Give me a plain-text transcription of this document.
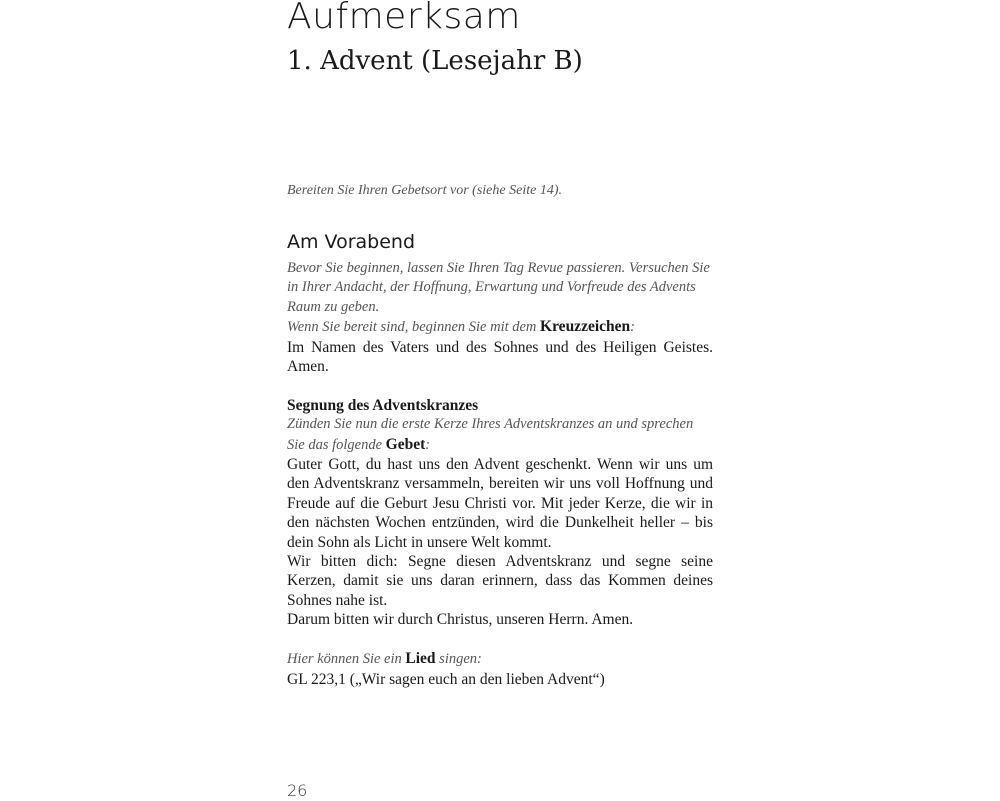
Aufmerksam
1. Advent (Lesejahr B)
Bereiten Sie Ihren Gebetsort vor (siehe Seite 14).
Am Vorabend

Bevor Sie beginnen, lassen Sie Ihren Tag Revue passieren. Versuchen Sie in Ihrer Andacht, der Hoffnung, Erwartung und Vorfreude des Advents Raum zu geben.

Wenn Sie bereit sind, beginnen Sie mit dem Kreuzzeichen:

Im Namen des Vaters und des Sohnes und des Heiligen Geistes. Amen.

Segnung des Adventskranzes

Zünden Sie nun die erste Kerze Ihres Adventskranzes an und sprechen Sie das folgende Gebet:

Guter Gott, du hast uns den Advent geschenkt. Wenn wir uns um den Adventskranz versammeln, bereiten wir uns voll Hoffnung und Freude auf die Geburt Jesu Christi vor. Mit jeder Kerze, die wir in den nächsten Wochen entzünden, wird die Dunkelheit heller – bis dein Sohn als Licht in unsere Welt kommt.

Wir bitten dich: Segne diesen Adventskranz und segne seine Kerzen, damit sie uns daran erinnern, dass das Kommen deines Sohnes nahe ist.

Darum bitten wir durch Christus, unseren Herrn. Amen.

Hier können Sie ein Lied singen:

GL 223,1 („Wir sagen euch an den lieben Advent“)

26
